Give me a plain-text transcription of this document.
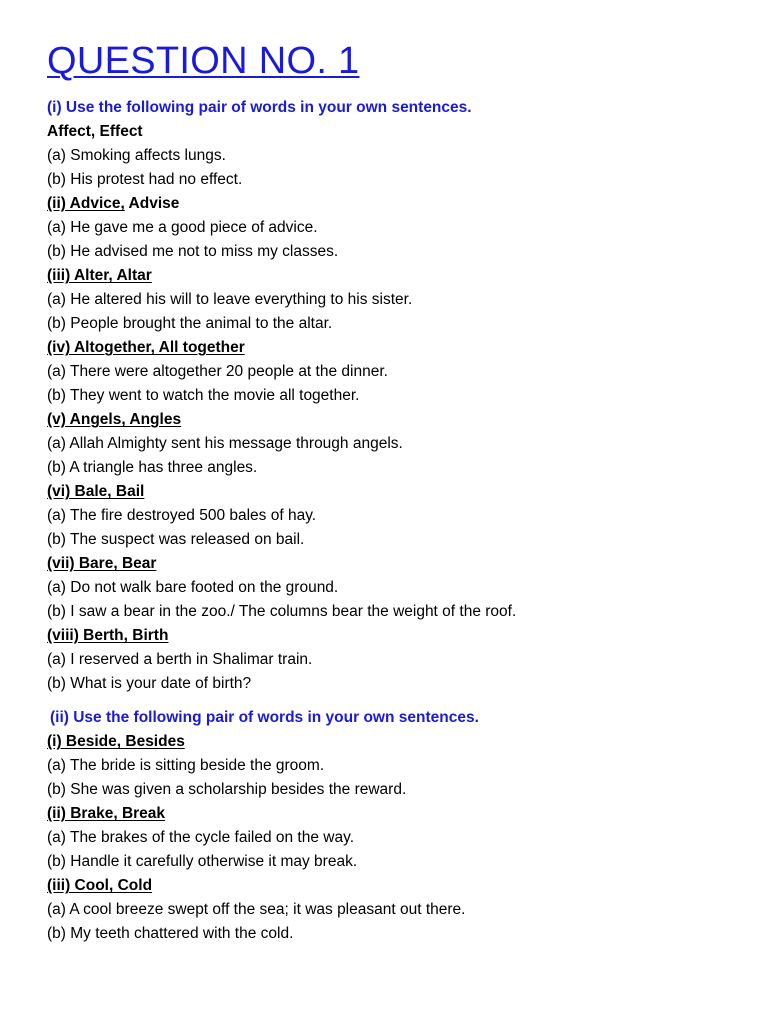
QUESTION NO. 1

(i) Use the following pair of words in your own sentences.

Affect, Effect

(a) Smoking affects lungs.

(b) His protest had no effect.

(ii) Advice, Advise

(a) He gave me a good piece of advice.

(b) He advised me not to miss my classes.

(iii) Alter, Altar

(a) He altered his will to leave everything to his sister.

(b) People brought the animal to the altar.

(iv) Altogether, All together

(a) There were altogether 20 people at the dinner.

(b) They went to watch the movie all together.

(v) Angels, Angles

(a) Allah Almighty sent his message through angels.

(b) A triangle has three angles.

(vi) Bale, Bail

(a) The fire destroyed 500 bales of hay.

(b) The suspect was released on bail.

(vii) Bare, Bear

(a) Do not walk bare footed on the ground.

(b) I saw a bear in the zoo./ The columns bear the weight of the roof.

(viii) Berth, Birth

(a) I reserved a berth in Shalimar train.

(b) What is your date of birth?

(ii) Use the following pair of words in your own sentences.

(i) Beside, Besides

(a) The bride is sitting beside the groom.

(b) She was given a scholarship besides the reward.

(ii) Brake, Break

(a) The brakes of the cycle failed on the way.

(b) Handle it carefully otherwise it may break.

(iii) Cool, Cold

(a) A cool breeze swept off the sea; it was pleasant out there.

(b) My teeth chattered with the cold.
